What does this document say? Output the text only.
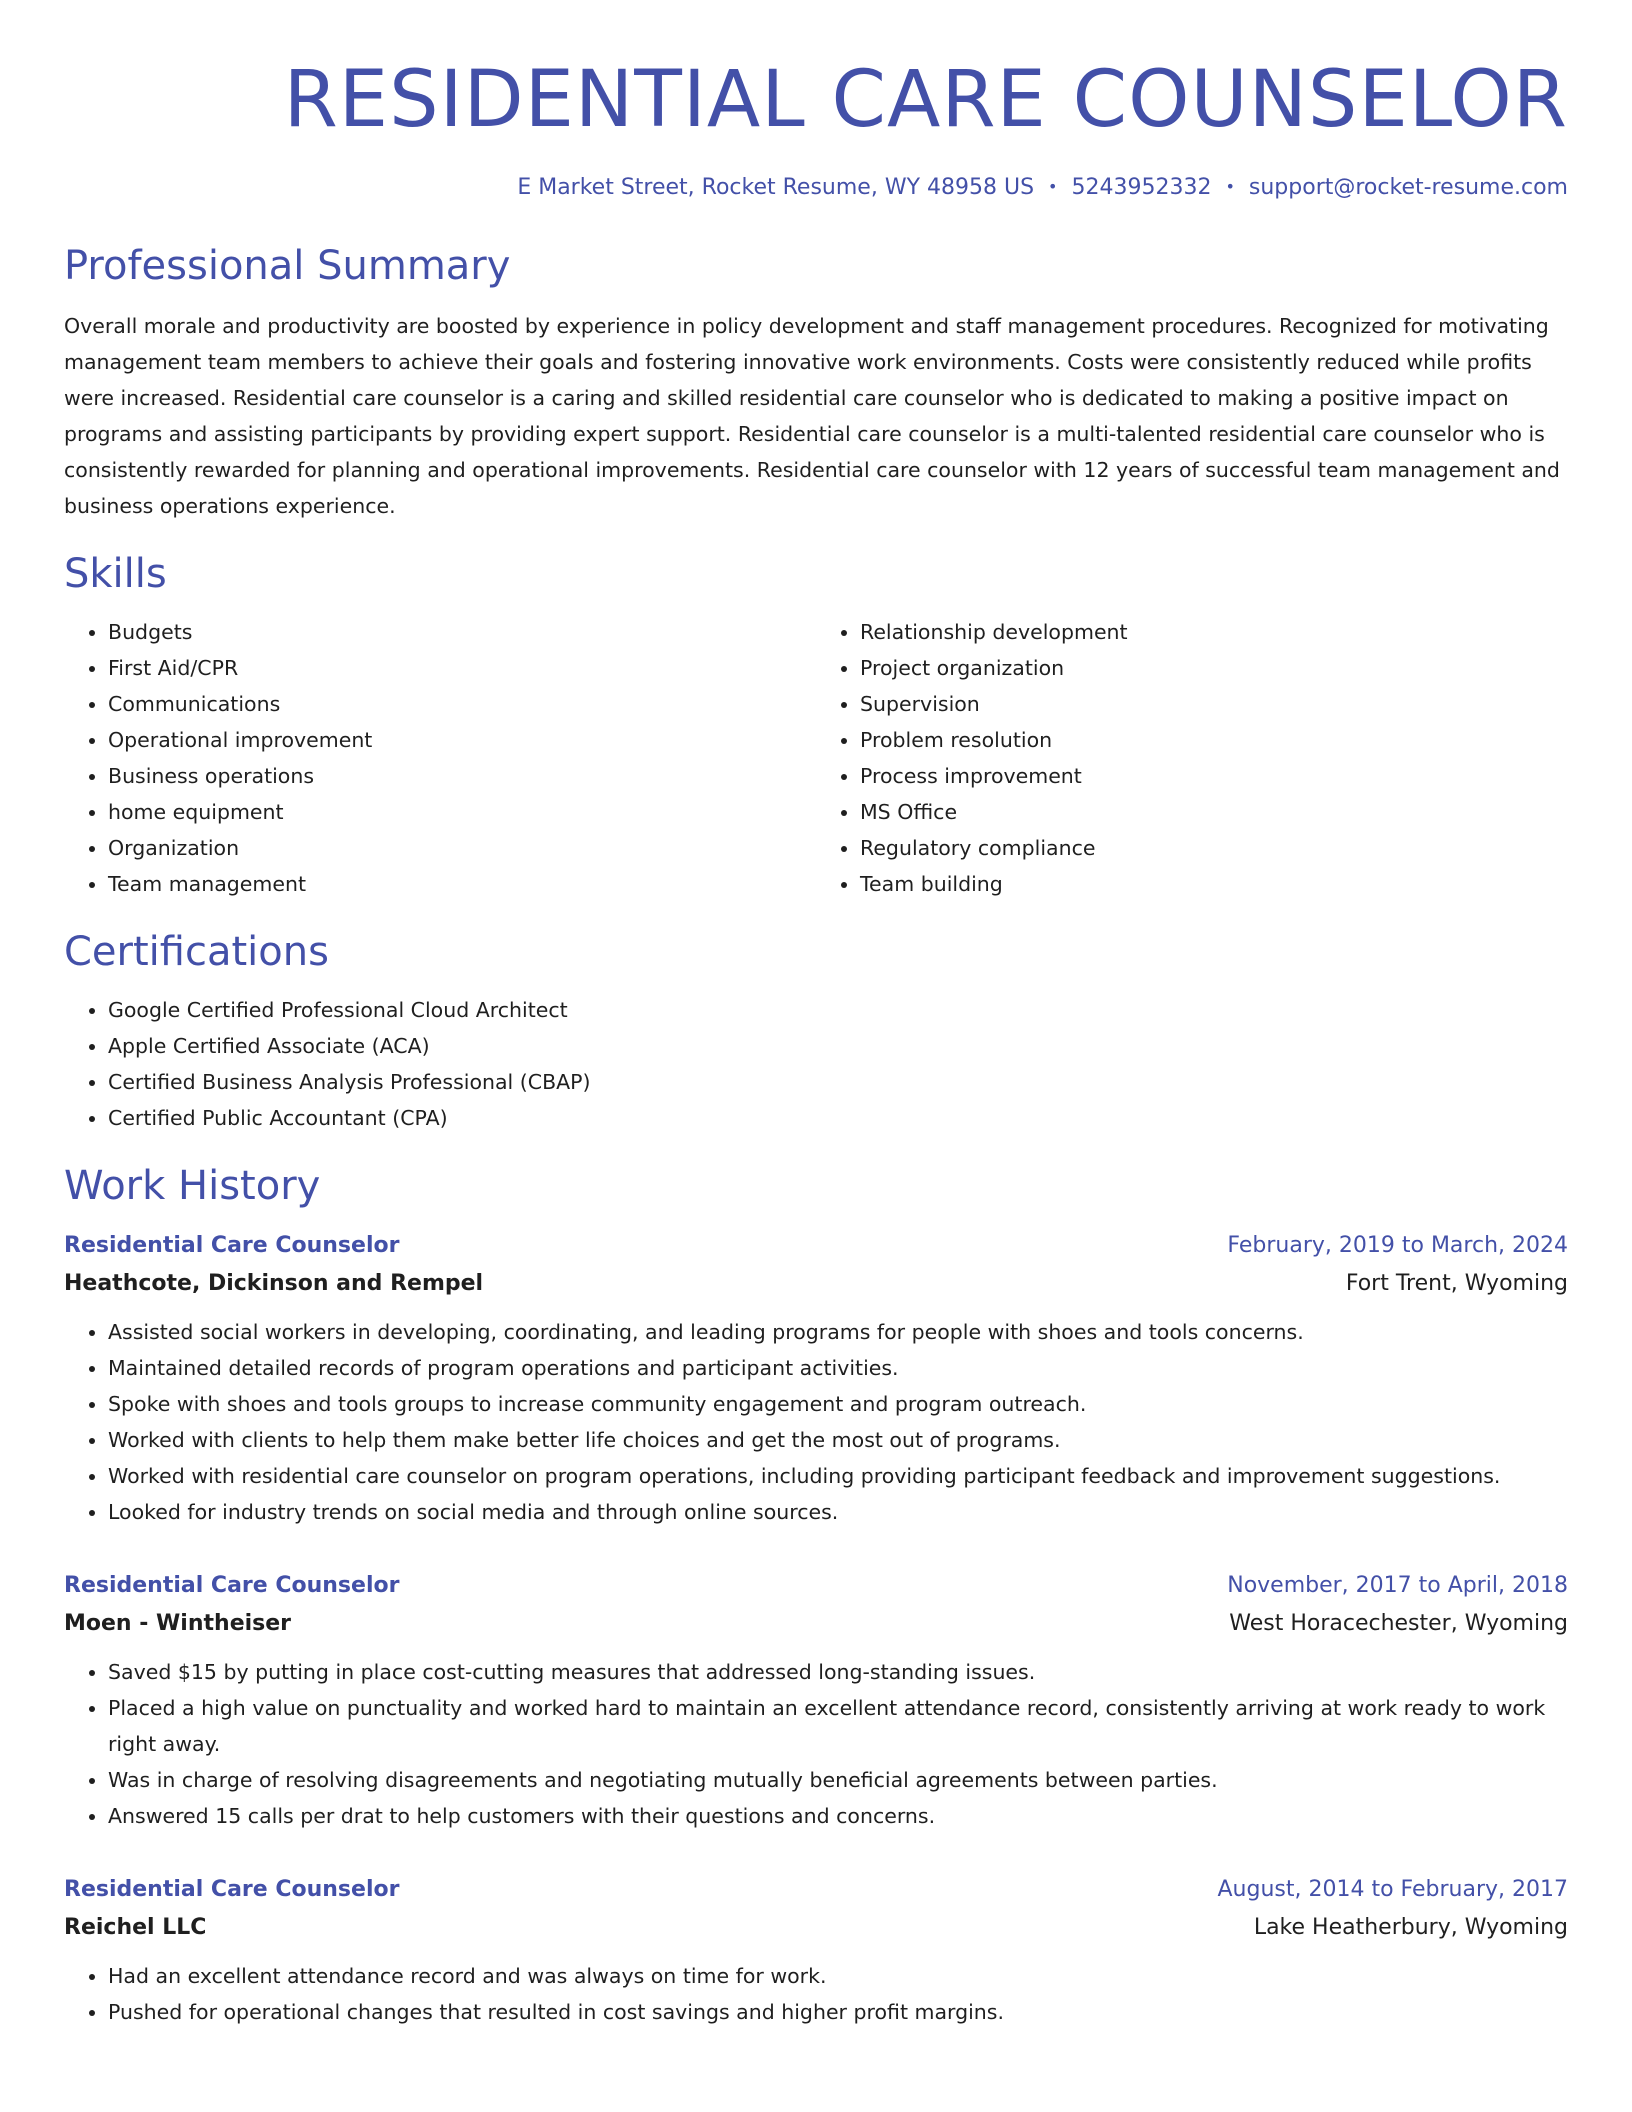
RESIDENTIAL CARE COUNSELOR
E Market Street, Rocket Resume, WY 48958 US • 5243952332 • support@rocket-resume.com
Professional Summary

Overall morale and productivity are boosted by experience in policy development and staff management procedures. Recognized for motivating management team members to achieve their goals and fostering innovative work environments. Costs were consistently reduced while profits were increased. Residential care counselor is a caring and skilled residential care counselor who is dedicated to making a positive impact on programs and assisting participants by providing expert support. Residential care counselor is a multi-talented residential care counselor who is consistently rewarded for planning and operational improvements. Residential care counselor with 12 years of successful team management and business operations experience.

Skills
• Budgets
• First Aid/CPR
• Communications
• Operational improvement
• Business operations
• home equipment
• Organization
• Team management
• Relationship development
• Project organization
• Supervision
• Problem resolution
• Process improvement
• MS Office
• Regulatory compliance
• Team building
Certifications
• Google Certified Professional Cloud Architect
• Apple Certified Associate (ACA)
• Certified Business Analysis Professional (CBAP)
• Certified Public Accountant (CPA)
Work History
Residential Care Counselor	February, 2019 to March, 2024
Heathcote, Dickinson and Rempel	Fort Trent, Wyoming
• Assisted social workers in developing, coordinating, and leading programs for people with shoes and tools concerns.
• Maintained detailed records of program operations and participant activities.
• Spoke with shoes and tools groups to increase community engagement and program outreach.
• Worked with clients to help them make better life choices and get the most out of programs.
• Worked with residential care counselor on program operations, including providing participant feedback and improvement suggestions.
• Looked for industry trends on social media and through online sources.
Residential Care Counselor	November, 2017 to April, 2018
Moen - Wintheiser	West Horacechester, Wyoming
• Saved $15 by putting in place cost-cutting measures that addressed long-standing issues.
• Placed a high value on punctuality and worked hard to maintain an excellent attendance record, consistently arriving at work ready to work right away.
• Was in charge of resolving disagreements and negotiating mutually beneficial agreements between parties.
• Answered 15 calls per drat to help customers with their questions and concerns.
Residential Care Counselor	August, 2014 to February, 2017
Reichel LLC	Lake Heatherbury, Wyoming
• Had an excellent attendance record and was always on time for work.
• Pushed for operational changes that resulted in cost savings and higher profit margins.
